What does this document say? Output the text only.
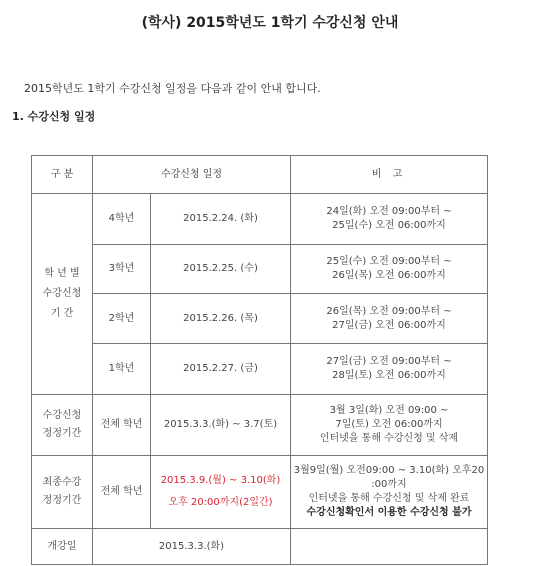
(학사) 2015학년도 1학기 수강신청 안내
2015학년도 1학기 수강신청 일정을 다음과 같이 안내 합니다.
1. 수강신청 일정
구 분	수강신청 일정		비 고

학 년 별
수강신청
기 간	4학년	2015.2.24. (화)	24일(화) 오전 09:00부터 ~
25일(수) 오전 06:00까지

	3학년	2015.2.25. (수)	25일(수) 오전 09:00부터 ~
26일(목) 오전 06:00까지

	2학년	2015.2.26. (목)	26일(목) 오전 09:00부터 ~
27일(금) 오전 06:00까지

	1학년	2015.2.27. (금)	27일(금) 오전 09:00부터 ~
28일(토) 오전 06:00까지

수강신청
정정기간	전체 학년	2015.3.3.(화) ~ 3.7(토)	3월 3일(화) 오전 09:00 ~
7일(토) 오전 06:00까지
인터넷을 통해 수강신청 및 삭제

최종수강
정정기간	전체 학년	2015.3.9.(월) ~ 3.10(화)
오후 20:00까지(2일간)	3월9일(월) 오전09:00 ~ 3.10(화) 오후20
:00까지
인터넷을 통해 수강신청 및 삭제 완료
수강신청확인서 이용한 수강신청 불가

개강일	2015.3.3.(화)		
